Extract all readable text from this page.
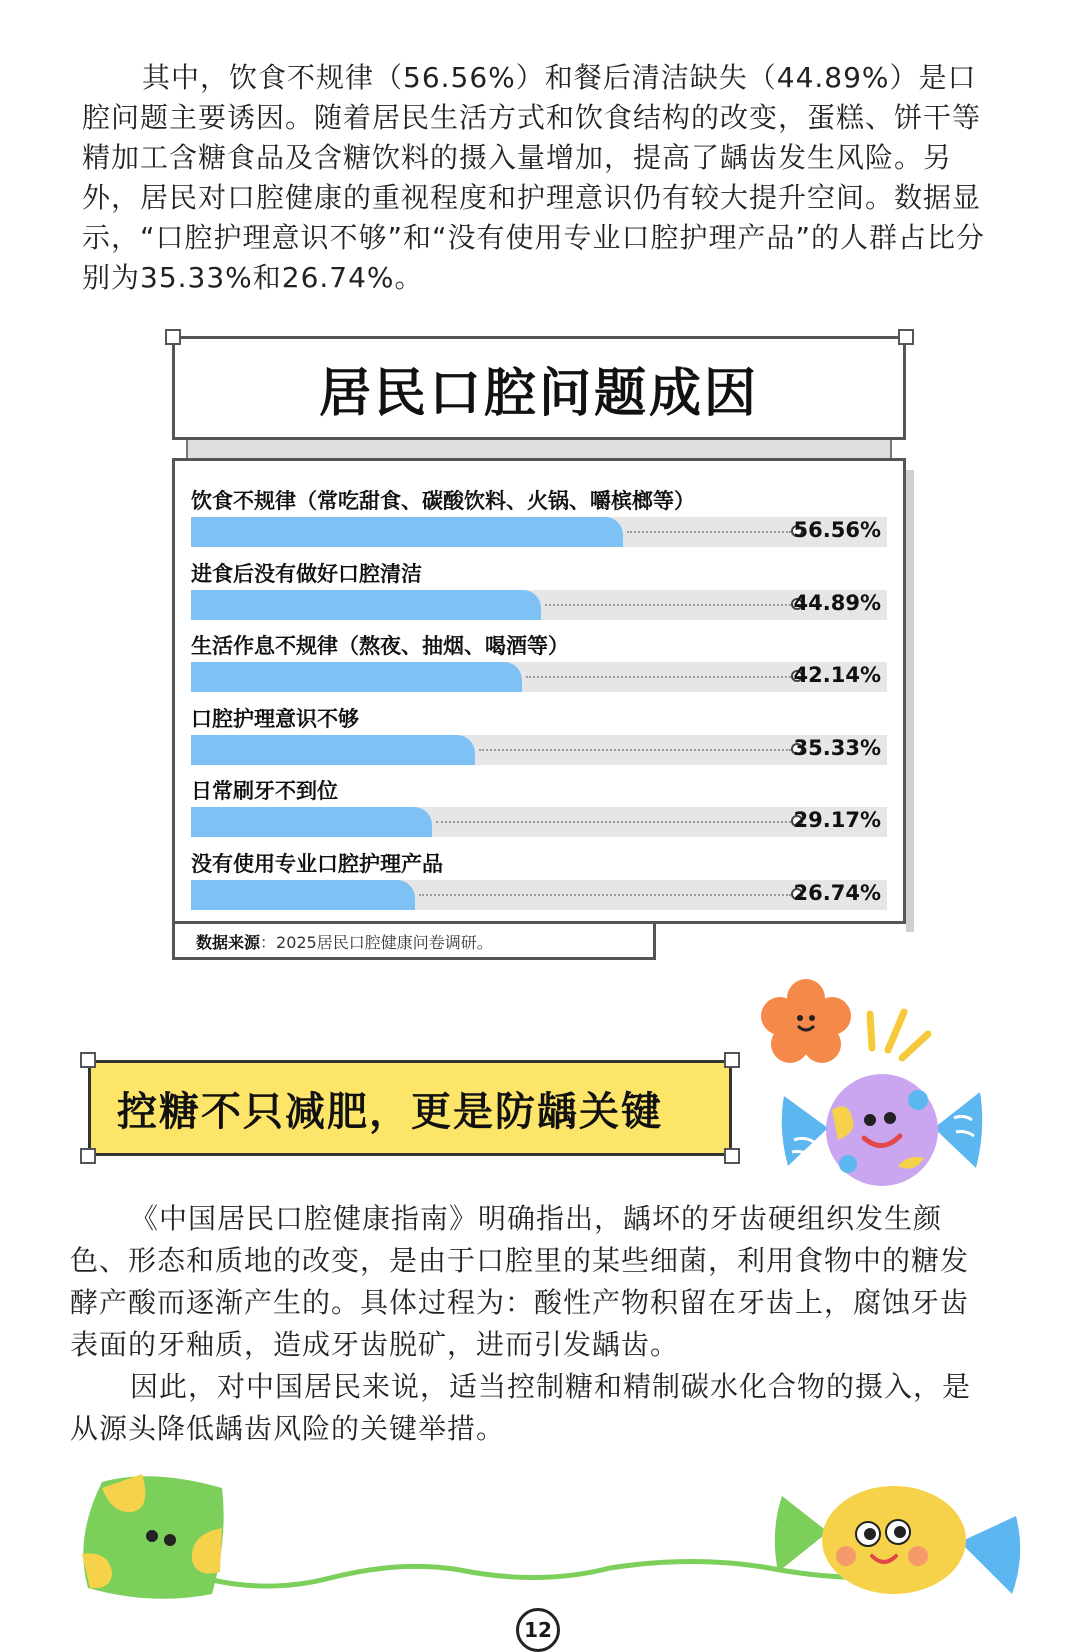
其中，饮食不规律（56.56%）和餐后清洁缺失（44.89%）是口腔问题主要诱因。随着居民生活方式和饮食结构的改变，蛋糕、饼干等精加工含糖食品及含糖饮料的摄入量增加，提高了龋齿发生风险。另外，居民对口腔健康的重视程度和护理意识仍有较大提升空间。数据显示，“口腔护理意识不够”和“没有使用专业口腔护理产品”的人群占比分别为35.33%和26.74%。

居民口腔问题成因
饮食不规律（常吃甜食、碳酸饮料、火锅、嚼槟榔等）
56.56%
进食后没有做好口腔清洁
44.89%
生活作息不规律（熬夜、抽烟、喝酒等）
42.14%
口腔护理意识不够
35.33%
日常刷牙不到位
29.17%
没有使用专业口腔护理产品
26.74%
数据来源：2025居民口腔健康问卷调研。
控糖不只减肥，更是防龋关键

《中国居民口腔健康指南》明确指出，龋坏的牙齿硬组织发生颜色、形态和质地的改变，是由于口腔里的某些细菌，利用食物中的糖发酵产酸而逐渐产生的。具体过程为：酸性产物积留在牙齿上，腐蚀牙齿表面的牙釉质，造成牙齿脱矿，进而引发龋齿。

因此，对中国居民来说，适当控制糖和精制碳水化合物的摄入，是从源头降低龋齿风险的关键举措。

12
